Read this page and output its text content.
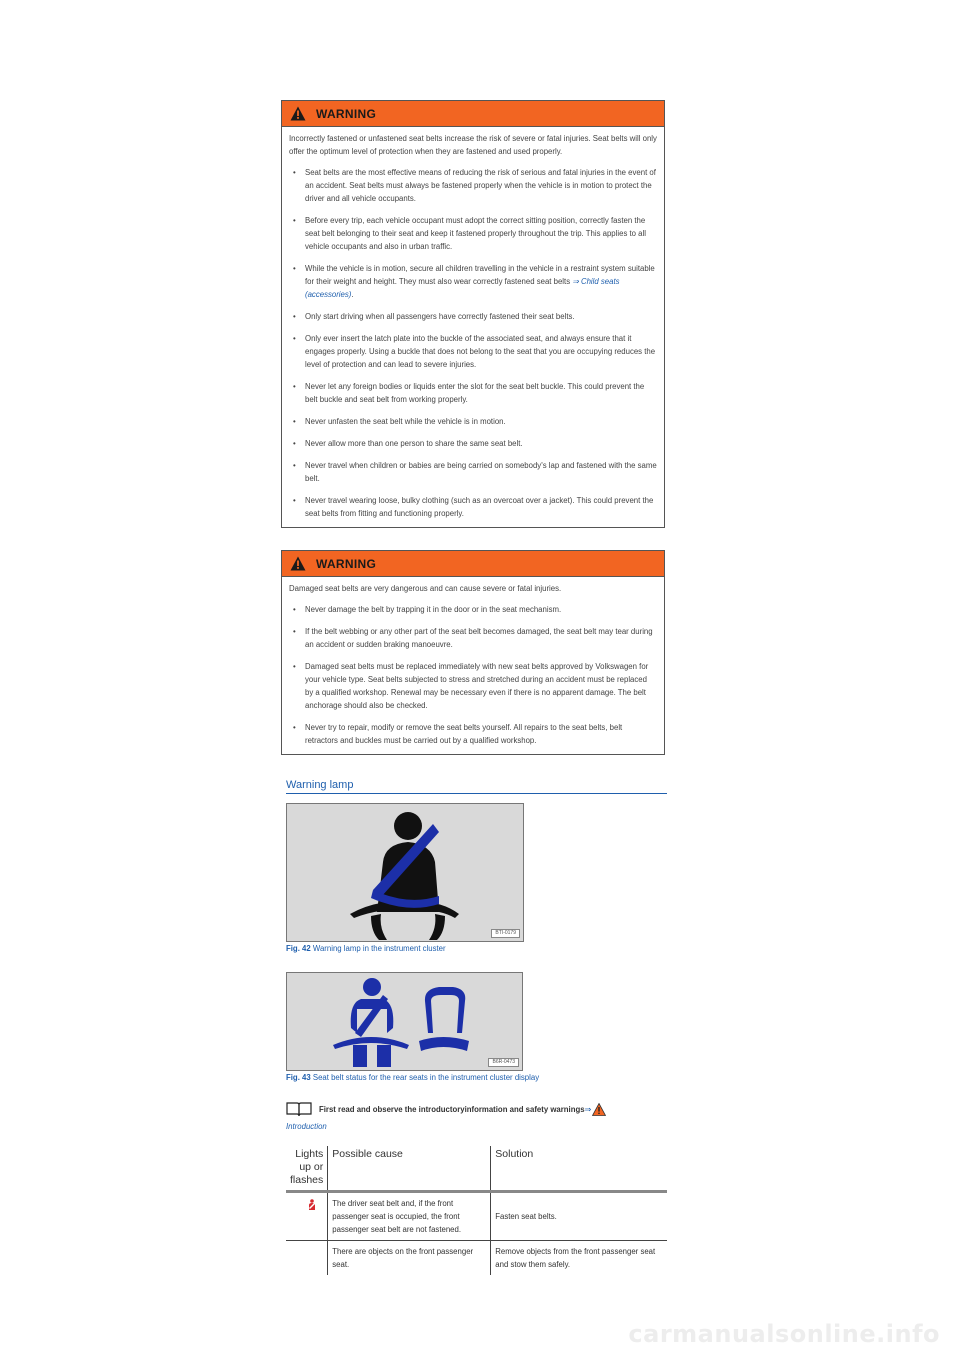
WARNING

Incorrectly fastened or unfastened seat belts increase the risk of severe or fatal injuries. Seat belts will only offer the optimum level of protection when they are fastened and used properly.

• Seat belts are the most effective means of reducing the risk of serious and fatal injuries in the event of an accident. Seat belts must always be fastened properly when the vehicle is in motion to protect the driver and all vehicle occupants.
• Before every trip, each vehicle occupant must adopt the correct sitting position, correctly fasten the seat belt belonging to their seat and keep it fastened properly throughout the trip. This applies to all vehicle occupants and also in urban traffic.
• While the vehicle is in motion, secure all children travelling in the vehicle in a restraint system suitable for their weight and height. They must also wear correctly fastened seat belts ⇒ Child seats (accessories).
• Only start driving when all passengers have correctly fastened their seat belts.
• Only ever insert the latch plate into the buckle of the associated seat, and always ensure that it engages properly. Using a buckle that does not belong to the seat that you are occupying reduces the level of protection and can lead to severe injuries.
• Never let any foreign bodies or liquids enter the slot for the seat belt buckle. This could prevent the belt buckle and seat belt from working properly.
• Never unfasten the seat belt while the vehicle is in motion.
• Never allow more than one person to share the same seat belt.
• Never travel when children or babies are being carried on somebody's lap and fastened with the same belt.
• Never travel wearing loose, bulky clothing (such as an overcoat over a jacket). This could prevent the seat belts from fitting and functioning properly.
WARNING

Damaged seat belts are very dangerous and can cause severe or fatal injuries.

• Never damage the belt by trapping it in the door or in the seat mechanism.
• If the belt webbing or any other part of the seat belt becomes damaged, the seat belt may tear during an accident or sudden braking manoeuvre.
• Damaged seat belts must be replaced immediately with new seat belts approved by Volkswagen for your vehicle type. Seat belts subjected to stress and stretched during an accident must be replaced by a qualified workshop. Renewal may be necessary even if there is no apparent damage. The belt anchorage should also be checked.
• Never try to repair, modify or remove the seat belts yourself. All repairs to the seat belts, belt retractors and buckles must be carried out by a qualified workshop.
Warning lamp
BTI-0179
Fig. 42 Warning lamp in the instrument cluster
B6R-0473
Fig. 43 Seat belt status for the rear seats in the instrument cluster display
First read and observe the introductoryinformation and safety warnings ⇒
Introduction
Lights up or flashes	Possible cause	Solution
	The driver seat belt and, if the front passenger seat is occupied, the front passenger seat belt are not fastened.	Fasten seat belts.
	There are objects on the front passenger seat.	Remove objects from the front passenger seat and stow them safely.
carmanualsonline.info
